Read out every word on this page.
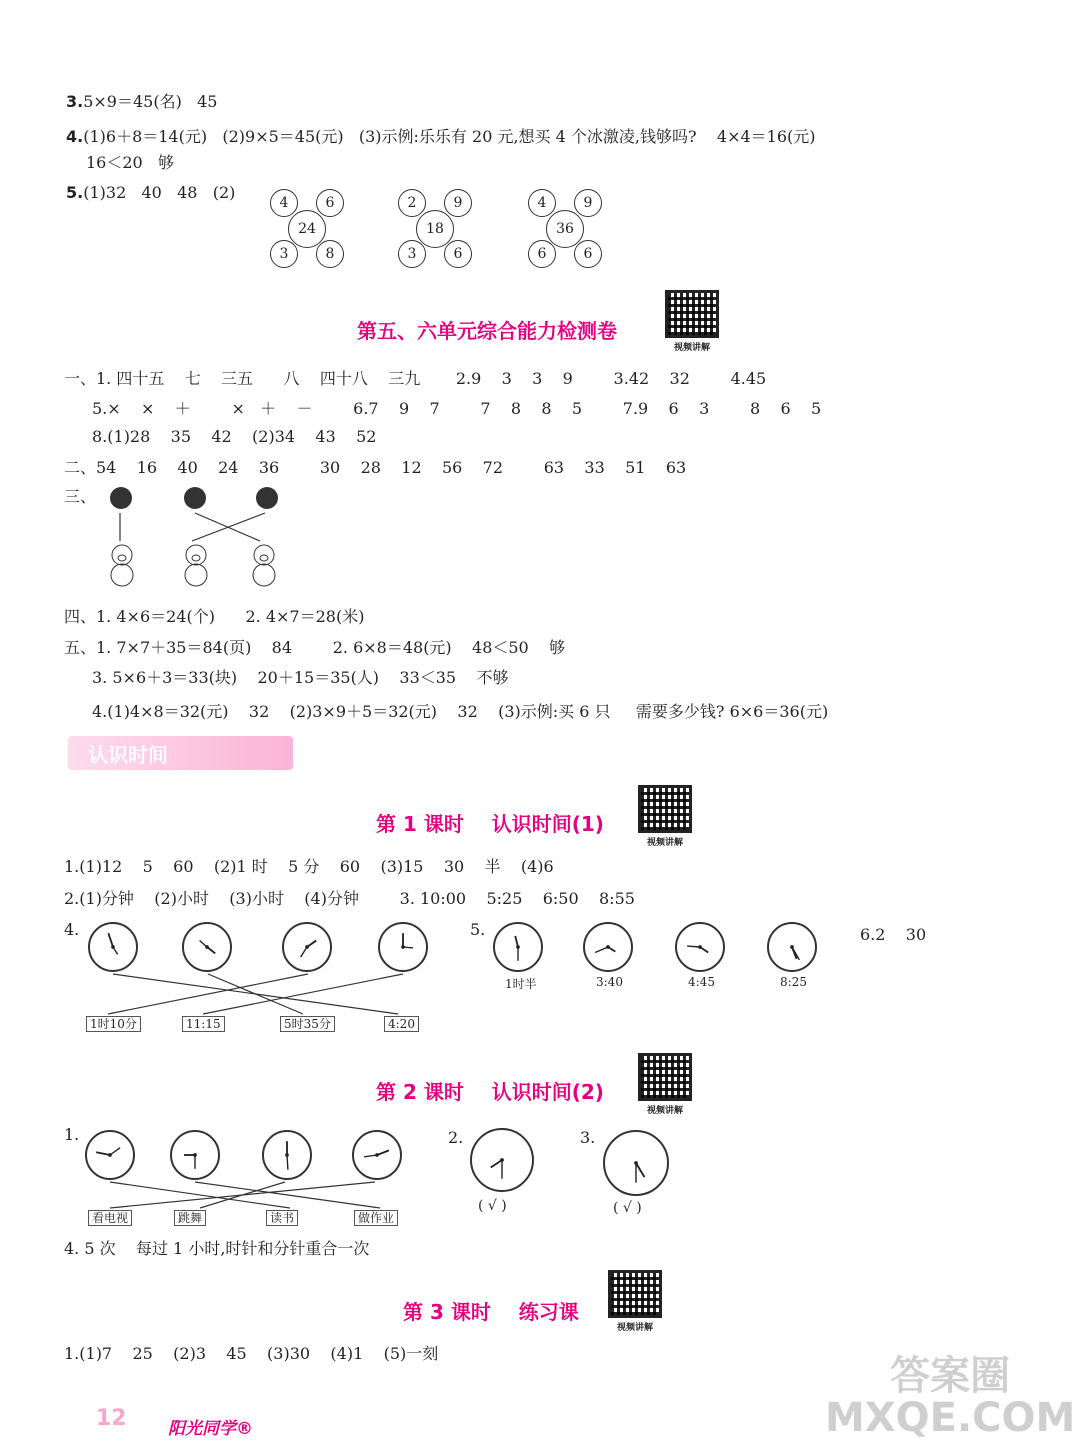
3.5×9＝45(名)   45
4.(1)6＋8＝14(元)   (2)9×5＝45(元)   (3)示例:乐乐有 20 元,想买 4 个冰激凌,钱够吗?    4×4＝16(元)
16＜20   够
5.(1)32   40   48   (2)
4	6
3	8
24
2	9
3	6
18
4	9
6	6
36
第五、六单元综合能力检测卷
视频讲解
一、1. 四十五    七    三五      八    四十八    三九       2.9    3    3    9        3.42    32        4.45
5.×    ×    ＋        ×   ＋    －        6.7    9    7        7    8    8    5        7.9    6    3        8    6    5
8.(1)28    35    42    (2)34    43    52
二、54    16    40    24    36        30    28    12    56    72        63    33    51    63
三、
四、1. 4×6＝24(个)      2. 4×7＝28(米)
五、1. 7×7＋35＝84(页)    84        2. 6×8＝48(元)    48＜50    够
3. 5×6＋3＝33(块)    20＋15＝35(人)    33＜35    不够
4.(1)4×8＝32(元)    32    (2)3×9＋5＝32(元)    32    (3)示例:买 6 只     需要多少钱? 6×6＝36(元)
认识时间
第 1 课时    认识时间(1)
视频讲解
1.(1)12    5    60    (2)1 时    5 分    60    (3)15    30    半    (4)6
2.(1)分钟    (2)小时    (3)小时    (4)分钟        3. 10:00    5:25    6:50    8:55
4.
1时10分	11:15	5时35分	4:20
5.
1时半	3:40	4:45	8:25
6.2    30
第 2 课时    认识时间(2)
视频讲解
1.
看电视	跳舞	读书	做作业
2.
( √ )
3.
( √ )
4. 5 次    每过 1 小时,时针和分针重合一次
第 3 课时    练习课
视频讲解
1.(1)7    25    (2)3    45    (3)30    (4)1    (5)一刻
12 阳光同学®
答案圈 MXQE.COM
